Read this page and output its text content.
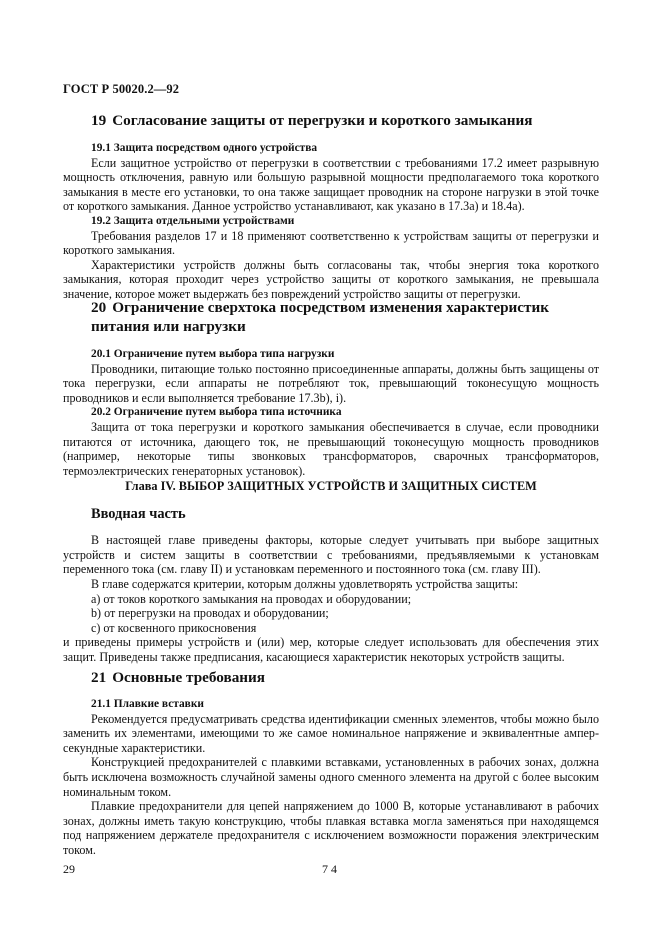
ГОСТ Р 50020.2—92
19 Согласование защиты от перегрузки и короткого замыкания
19.1 Защита посредством одного устройства

Если защитное устройство от перегрузки в соответствии с требованиями 17.2 имеет разрывную мощность отключения, равную или большую разрывной мощности предполагаемого тока короткого замыкания в месте его установки, то она также защищает проводник на стороне нагрузки в этой точке от короткого замыкания. Данное устройство устанавливают, как указано в 17.3а) и 18.4а).

19.2 Защита отдельными устройствами

Требования разделов 17 и 18 применяют соответственно к устройствам защиты от перегрузки и короткого замыкания.

Характеристики устройств должны быть согласованы так, чтобы энергия тока короткого замыкания, которая проходит через устройство защиты от короткого замыкания, не превышала значение, которое может выдержать без повреждений устройство защиты от перегрузки.

20 Ограничение сверхтока посредством изменения характеристик питания или нагрузки
20.1 Ограничение путем выбора типа нагрузки

Проводники, питающие только постоянно присоединенные аппараты, должны быть защищены от тока перегрузки, если аппараты не потребляют ток, превышающий токонесущую мощность проводников и если выполняется требование 17.3b), i).

20.2 Ограничение путем выбора типа источника

Защита от тока перегрузки и короткого замыкания обеспечивается в случае, если проводники питаются от источника, дающего ток, не превышающий токонесущую мощность проводников (например, некоторые типы звонковых трансформаторов, сварочных трансформаторов, термоэлектрических генераторных установок).

Глава IV. ВЫБОР ЗАЩИТНЫХ УСТРОЙСТВ И ЗАЩИТНЫХ СИСТЕМ
Вводная часть

В настоящей главе приведены факторы, которые следует учитывать при выборе защитных устройств и систем защиты в соответствии с требованиями, предъявляемыми к установкам переменного тока (см. главу II) и установкам переменного и постоянного тока (см. главу III).

В главе содержатся критерии, которым должны удовлетворять устройства защиты:

а) от токов короткого замыкания на проводах и оборудовании;

b) от перегрузки на проводах и оборудовании;

с) от косвенного прикосновения

и приведены примеры устройств и (или) мер, которые следует использовать для обеспечения этих защит. Приведены также предписания, касающиеся характеристик некоторых устройств защиты.

21 Основные требования
21.1 Плавкие вставки

Рекомендуется предусматривать средства идентификации сменных элементов, чтобы можно было заменить их элементами, имеющими то же самое номинальное напряжение и эквивалентные ампер-секундные характеристики.

Конструкцией предохранителей с плавкими вставками, установленных в рабочих зонах, должна быть исключена возможность случайной замены одного сменного элемента на другой с более высоким номинальным током.

Плавкие предохранители для цепей напряжением до 1000 В, которые устанавливают в рабочих зонах, должны иметь такую конструкцию, чтобы плавкая вставка могла заменяться при находящемся под напряжением держателе предохранителя с исключением возможности поражения электрическим током.

29	7 4
